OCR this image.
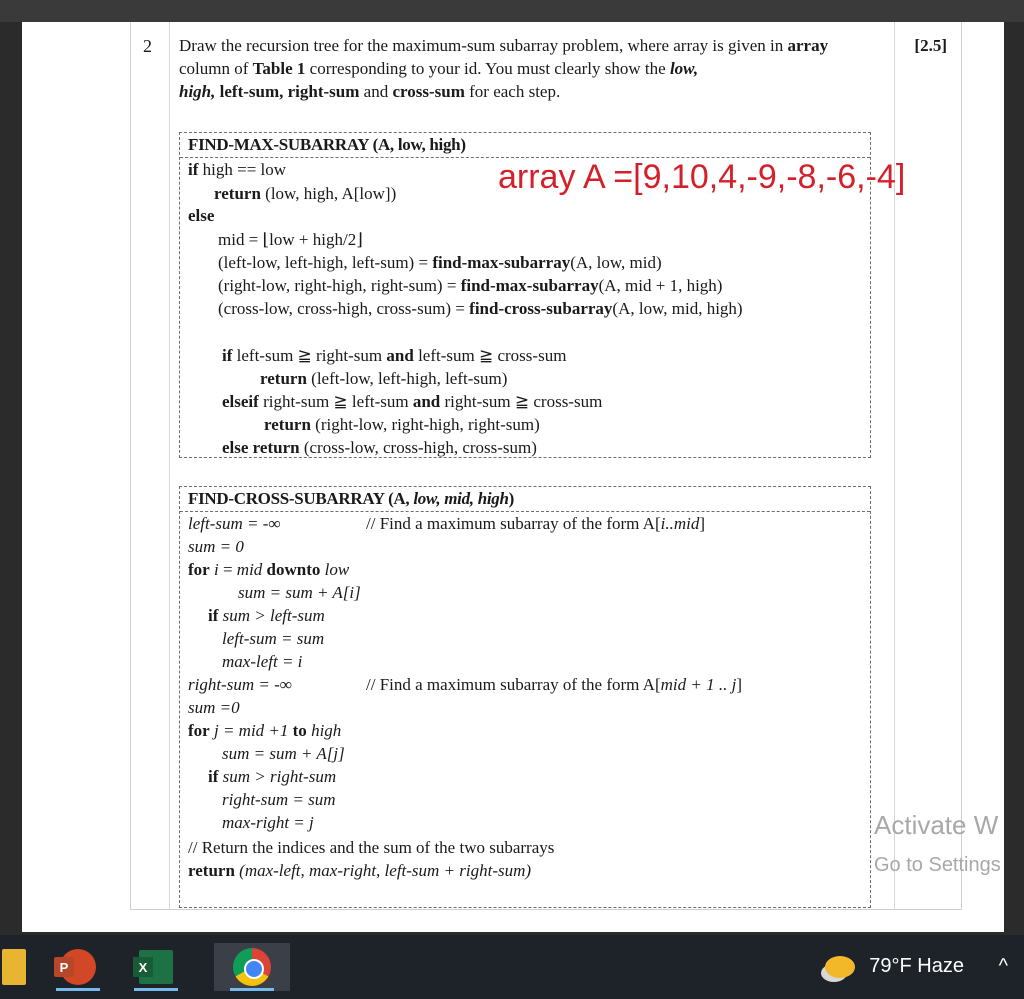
2	[2.5]
Draw the recursion tree for the maximum-sum subarray problem, where array is given in array column of Table 1 corresponding to your id. You must clearly show the low,
high, left-sum, right-sum and cross-sum for each step.
FIND-MAX-SUBARRAY (A, low, high)
if high == low
return (low, high, A[low])
else
mid = ⌊low + high/2⌋
(left-low, left-high, left-sum) = find-max-subarray(A, low, mid)
(right-low, right-high, right-sum) = find-max-subarray(A, mid + 1, high)
(cross-low, cross-high, cross-sum) = find-cross-subarray(A, low, mid, high)
if left-sum ≧ right-sum and left-sum ≧ cross-sum
return (left-low, left-high, left-sum)
elseif right-sum ≧ left-sum and right-sum ≧ cross-sum
return (right-low, right-high, right-sum)
else return (cross-low, cross-high, cross-sum)
FIND-CROSS-SUBARRAY (A, low, mid, high)
left-sum = -∞	// Find a maximum subarray of the form A[i..mid]
sum = 0
for i = mid downto low
sum = sum + A[i]
if sum > left-sum
left-sum = sum
max-left = i
right-sum = -∞	// Find a maximum subarray of the form A[mid + 1 .. j]
sum =0
for j = mid +1 to high
sum = sum + A[j]
if sum > right-sum
right-sum = sum
max-right = j
// Return the indices and the sum of the two subarrays
return (max-left, max-right, left-sum + right-sum)
array A =[9,10,4,-9,-8,-6,-4]
Activate W
Go to Settings
P	X	79°F Haze ^
